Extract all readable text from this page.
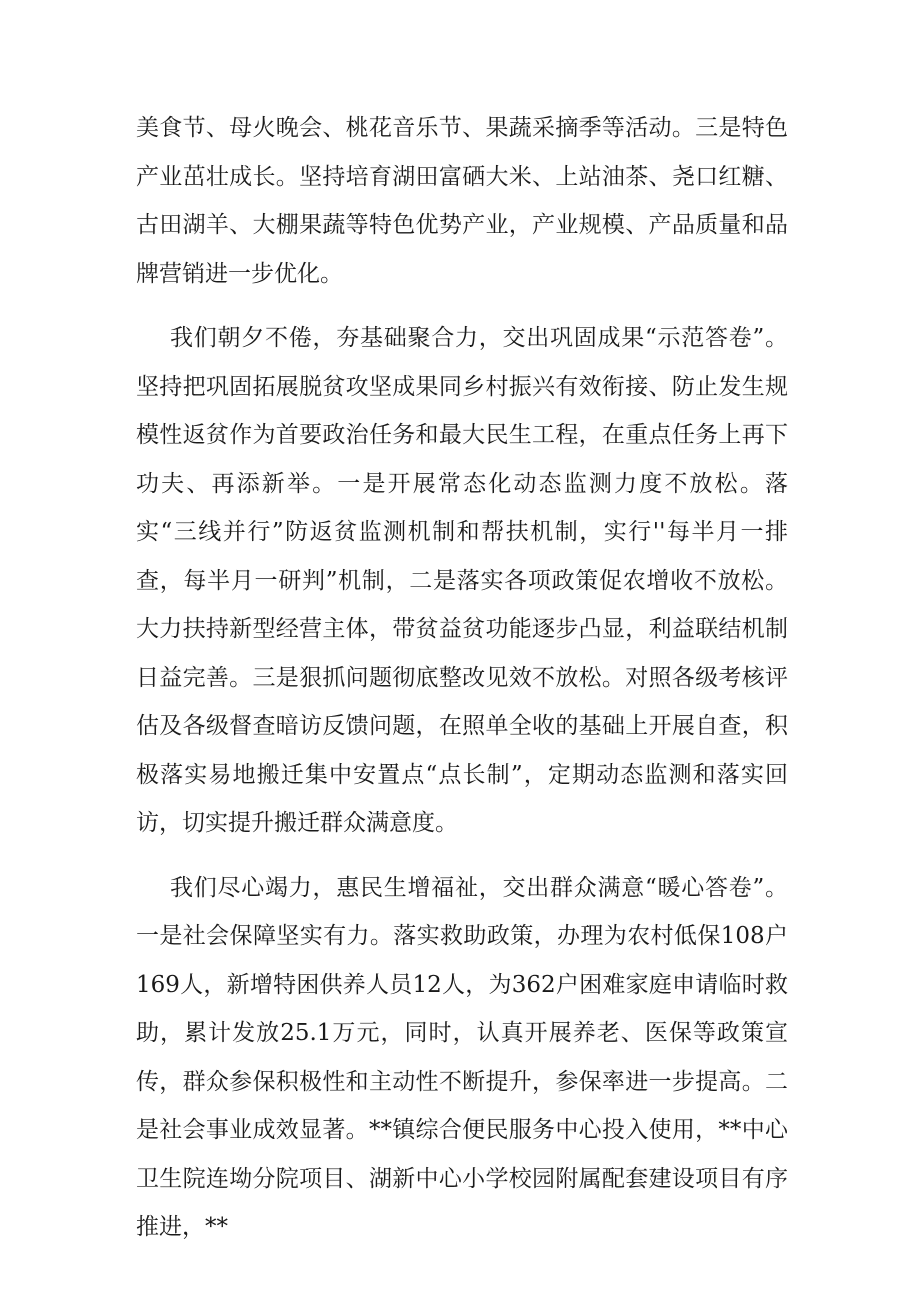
美食节、母火晚会、桃花音乐节、果蔬采摘季等活动。三是特色产业茁壮成长。坚持培育湖田富硒大米、上站油茶、尧口红糖、古田湖羊、大棚果蔬等特色优势产业，产业规模、产品质量和品牌营销进一步优化。

我们朝夕不倦，夯基础聚合力，交出巩固成果“示范答卷”。坚持把巩固拓展脱贫攻坚成果同乡村振兴有效衔接、防止发生规模性返贫作为首要政治任务和最大民生工程，在重点任务上再下功夫、再添新举。一是开展常态化动态监测力度不放松。落实“三线并行”防返贫监测机制和帮扶机制，实行''每半月一排查，每半月一研判”机制，二是落实各项政策促农增收不放松。大力扶持新型经营主体，带贫益贫功能逐步凸显，利益联结机制日益完善。三是狠抓问题彻底整改见效不放松。对照各级考核评估及各级督查暗访反馈问题，在照单全收的基础上开展自查，积极落实易地搬迁集中安置点“点长制”，定期动态监测和落实回访，切实提升搬迁群众满意度。

我们尽心竭力，惠民生增福祉，交出群众满意“暖心答卷”。一是社会保障坚实有力。落实救助政策，办理为农村低保108户169人，新增特困供养人员12人，为362户困难家庭申请临时救助，累计发放25.1万元，同时，认真开展养老、医保等政策宣传，群众参保积极性和主动性不断提升，参保率进一步提高。二是社会事业成效显著。**镇综合便民服务中心投入使用，**中心卫生院连坳分院项目、湖新中心小学校园附属配套建设项目有序推进，**
